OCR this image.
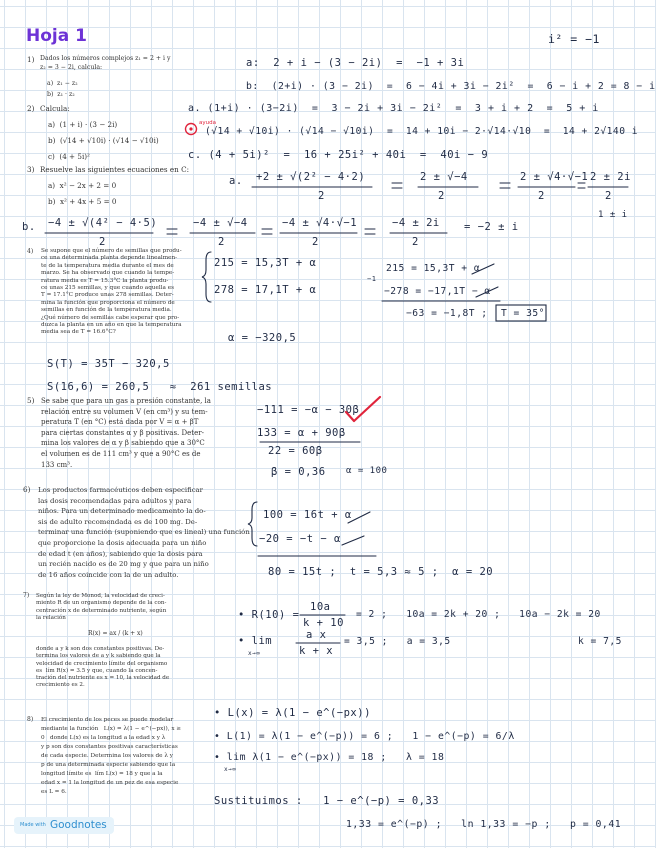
Hoja 1	i² = −1
1) Dados los números complejos z₁ = 2 + i y
z₂ = 3 − 2i, calcula:
a)  z₁ − z₂
b)  z₁ · z₂
a:  2 + i − (3 − 2i)  =  −1 + 3i
b:  (2+i) · (3 − 2i)  =  6 − 4i + 3i − 2i²  =  6 − i + 2 = 8 − i
2) Calcula:
a)  (1 + i) · (3 − 2i)
b)  (√14 + √10i) · (√14 − √10i)
c)  (4 + 5i)²
a. (1+i) · (3−2i)  =  3 − 2i + 3i − 2i²  =  3 + i + 2  =  5 + i
ayuda
(√14 + √10i) · (√14 − √10i)  =  14 + 10i − 2·√14·√10  =  14 + 2√140 i
c. (4 + 5i)²  =  16 + 25i² + 40i  =  40i − 9
3) Resuelve las siguientes ecuaciones en C:
a)  x² − 2x + 2 = 0
b)  x² + 4x + 5 = 0
a. +2 ± √(2² − 4·2)
2
2 ± √−4
2
2 ± √4·√−1
2
2 ± 2i
2
1 ± i
b. −4 ± √(4² − 4·5)
2
−4 ± √−4
2
−4 ± √4·√−1
2
−4 ± 2i
2
= −2 ± i
4) Se supone que el número de semillas que produ-
ce una determinada planta depende linealmen-
te de la temperatura media durante el mes de
marzo. Se ha observado que cuando la tempe-
ratura media es T = 15.3°C la planta produ-
ce unas 215 semillas, y que cuando aquella es
T = 17.1°C produce unas 278 semillas. Deter-
mina la función que proporciona el número de
semillas en función de la temperatura media.
¿Qué número de semillas cabe esperar que pro-
duzca la planta en un año en que la temperatura
media sea de T = 16.6°C?
215 = 15,3T + α
278 = 17,1T + α
−1
215 = 15,3T + α
−278 = −17,1T − α
−63 = −1,8T ; T = 35°
α = −320,5
S(T) = 35T − 320,5
S(16,6) = 260,5   ≈  261 semillas
5) Se sabe que para un gas a presión constante, la
relación entre su volumen V (en cm³) y su tem-
peratura T (en °C) está dada por V = α + βT
para ciertas constantes α y β positivas. Deter-
mina los valores de α y β sabiendo que a 30°C
el volumen es de 111 cm³ y que a 90°C es de
133 cm³.
−111 = −α − 30β
133 = α + 90β
22 = 60β
β = 0,36 α = 100
6) Los productos farmacéuticos deben especificar
las dosis recomendadas para adultos y para
niños. Para un determinado medicamento la do-
sis de adulto recomendada es de 100 mg. De-
terminar una función (suponiendo que es lineal) una función
que proporcione la dosis adecuada para un niño
de edad t (en años), sabiendo que la dosis para
un recién nacido es de 20 mg y que para un niño
de 16 años coincide con la de un adulto.
100 = 16t + α
−20 = −t − α
80 = 15t ;  t = 5,3 ≈ 5 ;  α = 20
7) Según la ley de Monod, la velocidad de creci-
miento R de un organismo depende de la con-
centración x de determinado nutriente, según
la relación
R(x) = ax / (k + x)
donde a y k son dos constantes positivas. De-
termina los valores de a y k sabiendo que la
velocidad de crecimiento límite del organismo
es  lím R(x) = 3.5 y que, cuando la concen-
tración del nutriente es x = 10, la velocidad de
crecimiento es 2.
• R(10) =
10a
k + 10
= 2 ;   10a = 2k + 20 ;   10a − 2k = 20
• lim
x→∞
a x
k + x
= 3,5 ;   a = 3,5	k = 7,5
8) El crecimiento de los peces se puede modelar
mediante la función   L(x) = λ(1 − e^(−px)), x ≥
0   donde L(x) es la longitud a la edad x y λ
y p son dos constantes positivas características
de cada especie. Determina los valores de λ y
p de una determinada especie sabiendo que la
longitud límite es  lím L(x) = 18 y que a la
edad x = 1 la longitud de un pez de esa especie
es L = 6.
• L(x) = λ(1 − e^(−px))
• L(1) = λ(1 − e^(−p)) = 6 ;   1 − e^(−p) = 6/λ
• lim λ(1 − e^(−px)) = 18 ;   λ = 18
x→∞
Sustituimos :   1 − e^(−p) = 0,33
1,33 = e^(−p) ;   ln 1,33 = −p ;   p = 0,41
Made with Goodnotes
